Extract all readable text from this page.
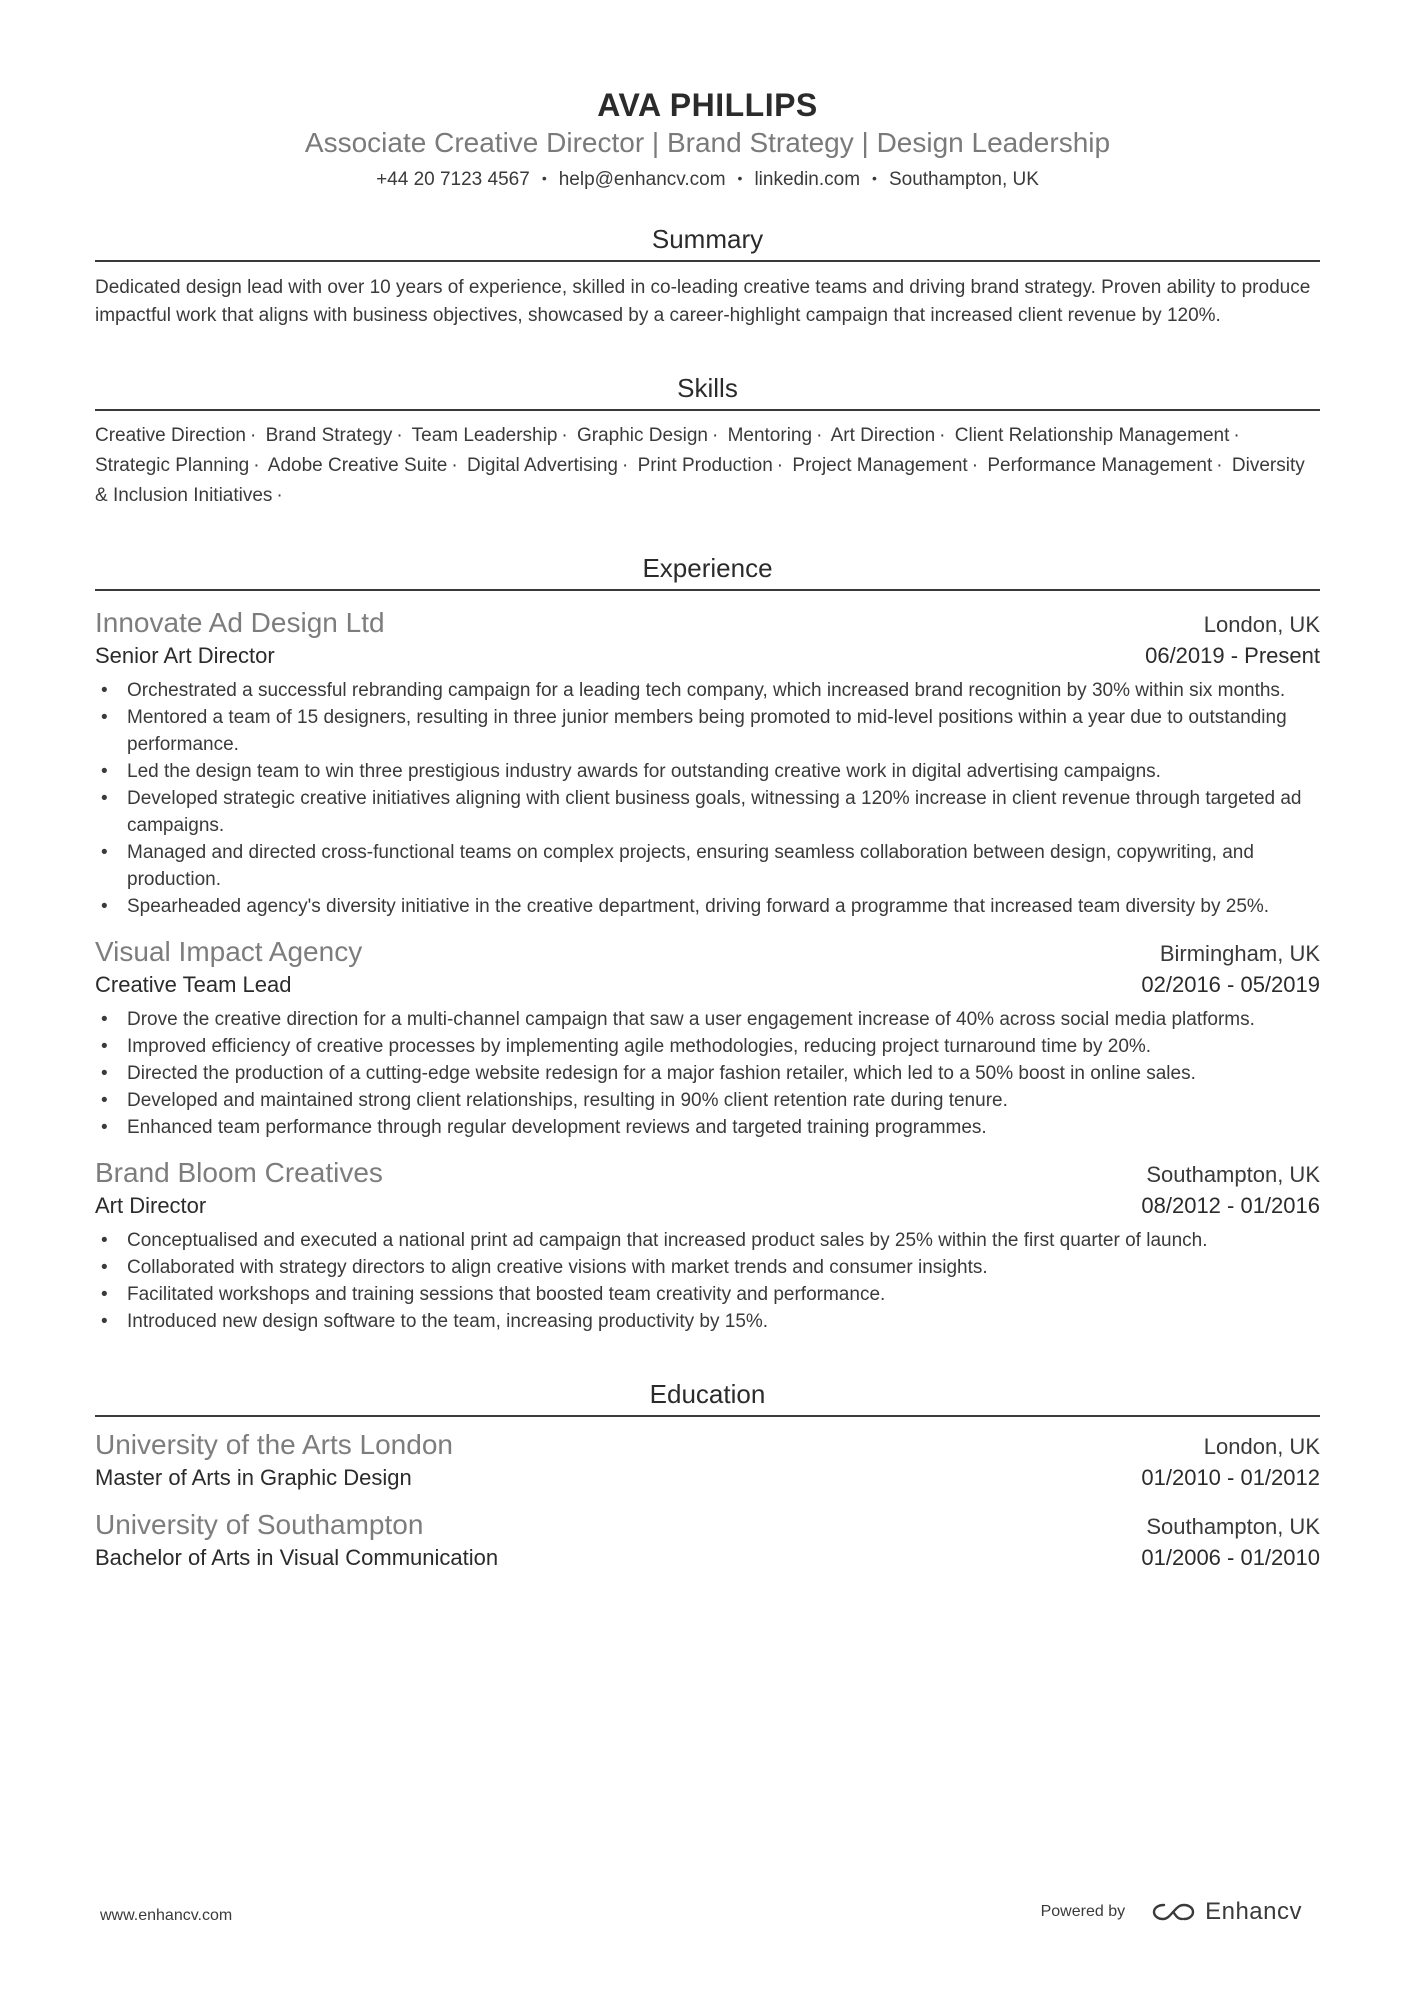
AVA PHILLIPS
Associate Creative Director | Brand Strategy | Design Leadership
+44 20 7123 4567 • help@enhancv.com • linkedin.com • Southampton, UK
Summary
Dedicated design lead with over 10 years of experience, skilled in co-leading creative teams and driving brand strategy. Proven ability to produce impactful work that aligns with business objectives, showcased by a career-highlight campaign that increased client revenue by 120%.
Skills
Creative Direction · Brand Strategy · Team Leadership · Graphic Design · Mentoring · Art Direction · Client Relationship Management · Strategic Planning · Adobe Creative Suite · Digital Advertising · Print Production · Project Management · Performance Management · Diversity & Inclusion Initiatives ·
Experience
Innovate Ad Design Ltd	London, UK
Senior Art Director	06/2019 - Present
• Orchestrated a successful rebranding campaign for a leading tech company, which increased brand recognition by 30% within six months.
• Mentored a team of 15 designers, resulting in three junior members being promoted to mid-level positions within a year due to outstanding performance.
• Led the design team to win three prestigious industry awards for outstanding creative work in digital advertising campaigns.
• Developed strategic creative initiatives aligning with client business goals, witnessing a 120% increase in client revenue through targeted ad campaigns.
• Managed and directed cross-functional teams on complex projects, ensuring seamless collaboration between design, copywriting, and production.
• Spearheaded agency's diversity initiative in the creative department, driving forward a programme that increased team diversity by 25%.
Visual Impact Agency	Birmingham, UK
Creative Team Lead	02/2016 - 05/2019
• Drove the creative direction for a multi-channel campaign that saw a user engagement increase of 40% across social media platforms.
• Improved efficiency of creative processes by implementing agile methodologies, reducing project turnaround time by 20%.
• Directed the production of a cutting-edge website redesign for a major fashion retailer, which led to a 50% boost in online sales.
• Developed and maintained strong client relationships, resulting in 90% client retention rate during tenure.
• Enhanced team performance through regular development reviews and targeted training programmes.
Brand Bloom Creatives	Southampton, UK
Art Director	08/2012 - 01/2016
• Conceptualised and executed a national print ad campaign that increased product sales by 25% within the first quarter of launch.
• Collaborated with strategy directors to align creative visions with market trends and consumer insights.
• Facilitated workshops and training sessions that boosted team creativity and performance.
• Introduced new design software to the team, increasing productivity by 15%.
Education
University of the Arts London	London, UK
Master of Arts in Graphic Design	01/2010 - 01/2012
University of Southampton	Southampton, UK
Bachelor of Arts in Visual Communication	01/2006 - 01/2010
www.enhancv.com	Powered by	Enhancv
